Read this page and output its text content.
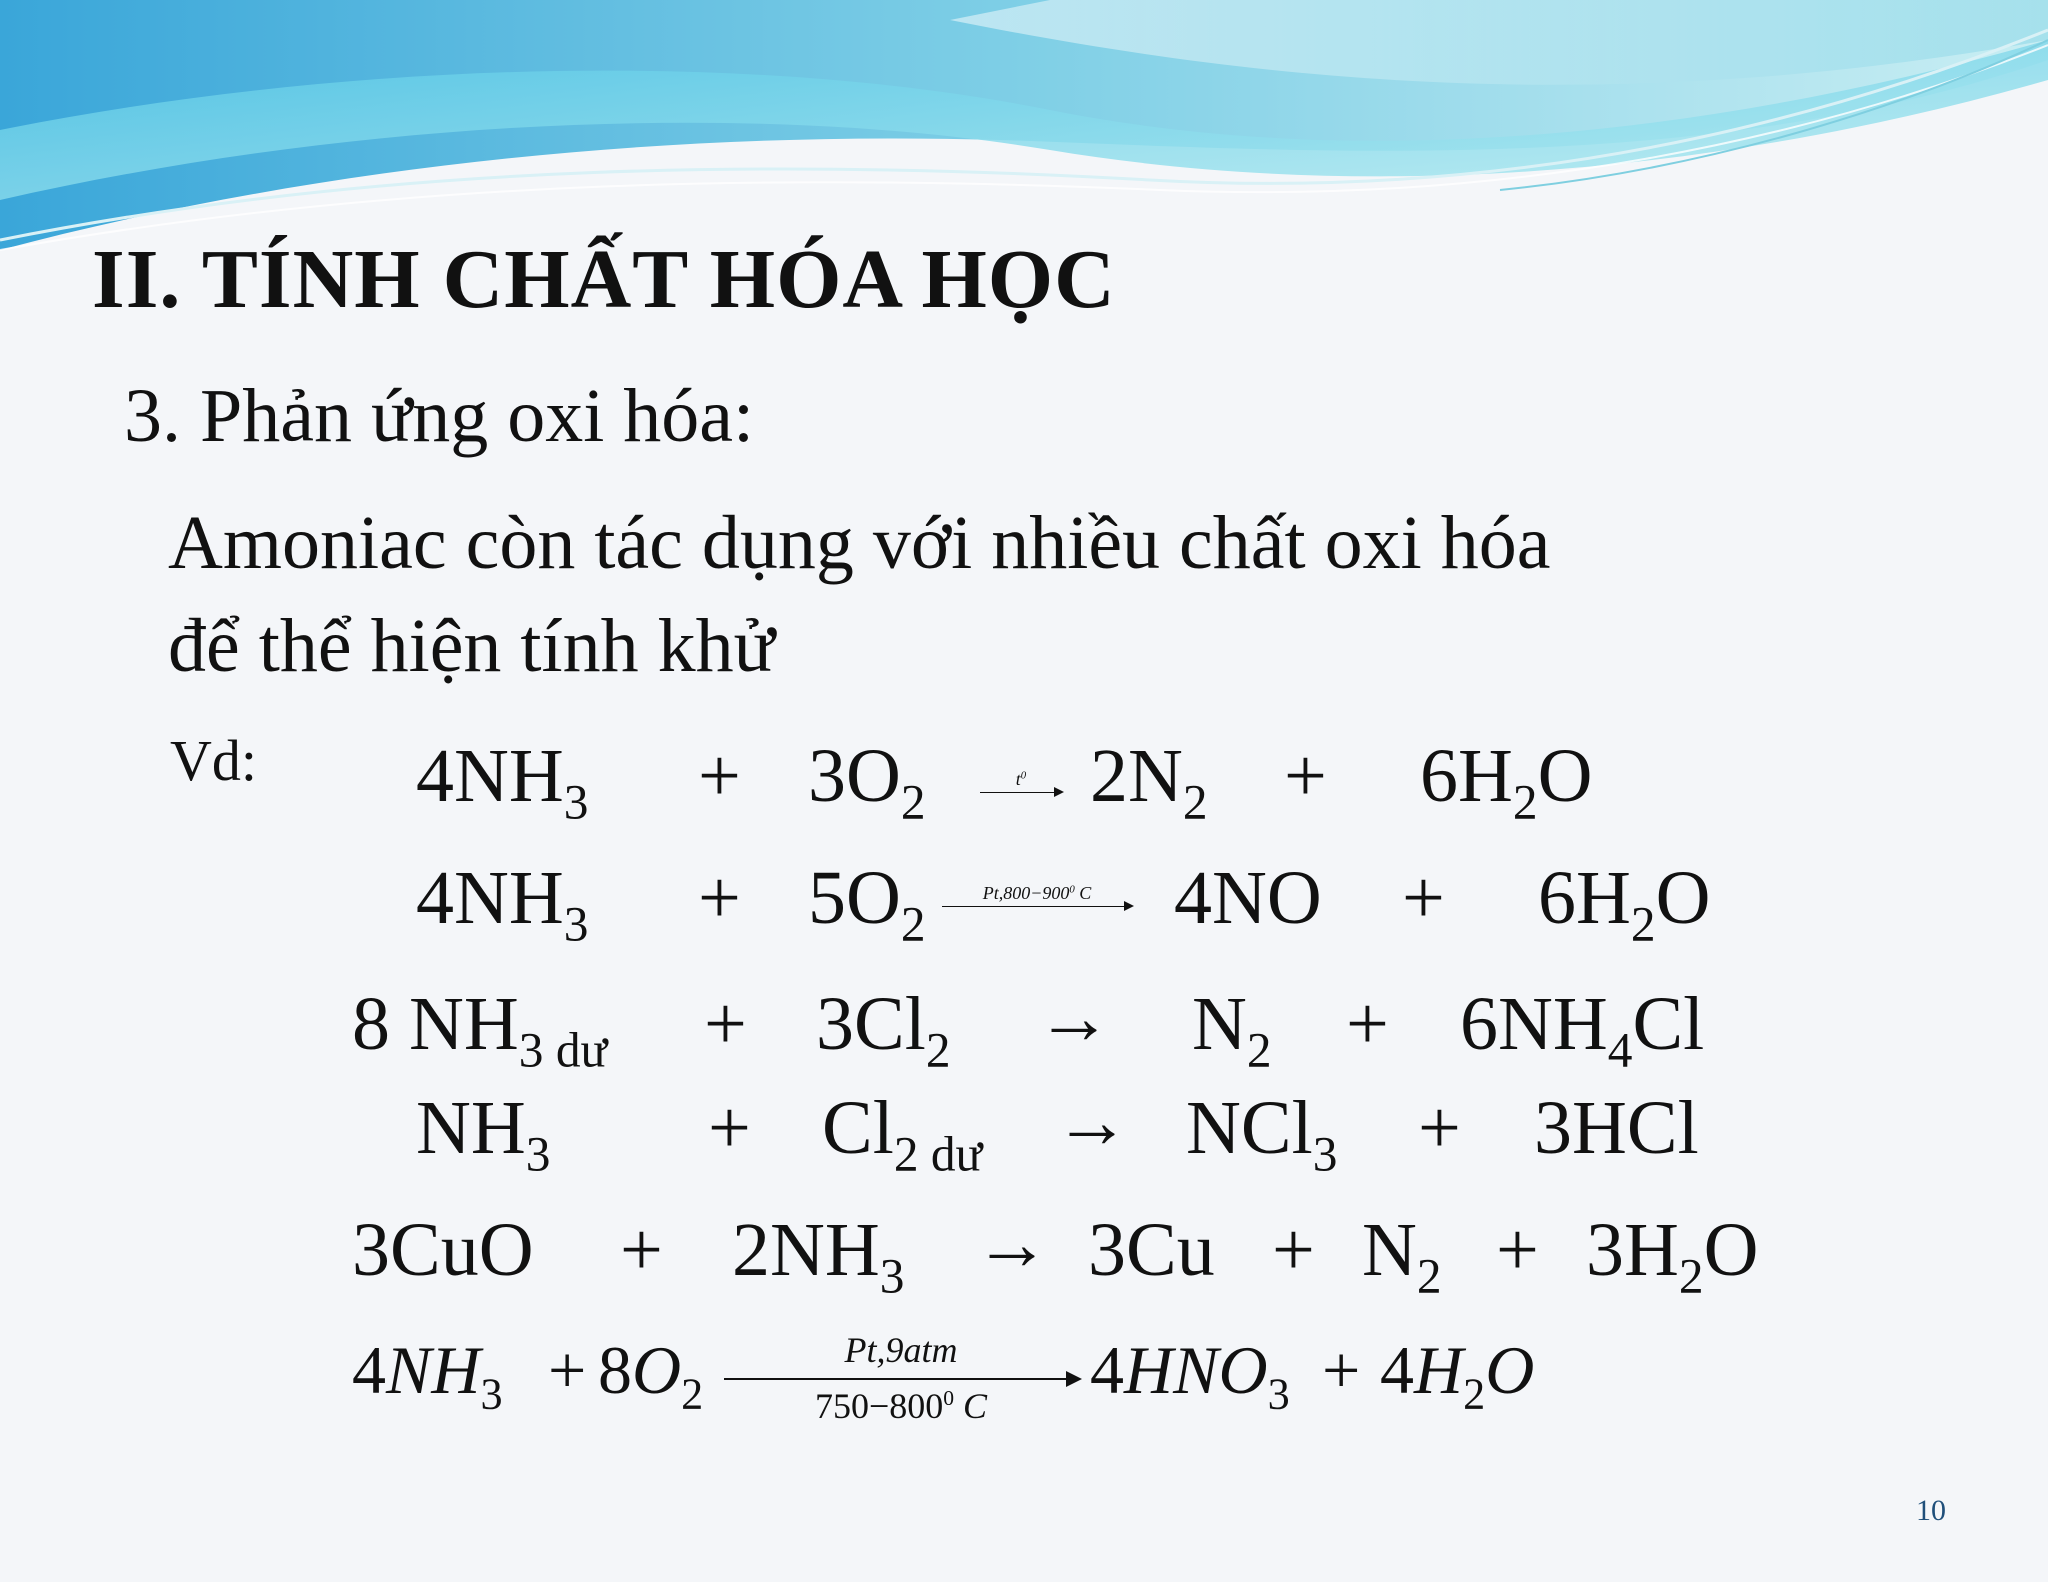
II. TÍNH CHẤT HÓA HỌC
3. Phản ứng oxi hóa:
Amoniac còn tác dụng với nhiều chất oxi hóa
để thể hiện tính khử
Vd: $4NH_3 + 3O_2$	$t^0$ $2N_2 + 6H_2O$
$4NH_3 + 5O_2$
$Pt,800-900^0$ C	$4NO + 6H_2O$
8 $NH_{3 dư} + 3Cl_2 \to N_2 + 6NH_4Cl$
$NH_3 + Cl_{2 dư} \to NCl_3 + 3HCl$
$3CuO + 2NH_3 \to 3Cu + N_2 + 3H_2O$
$4NH_3 + 8O_2$
Pt,9atm
$750-800^0$ C	$4HNO_3 + 4H_2O$
10
